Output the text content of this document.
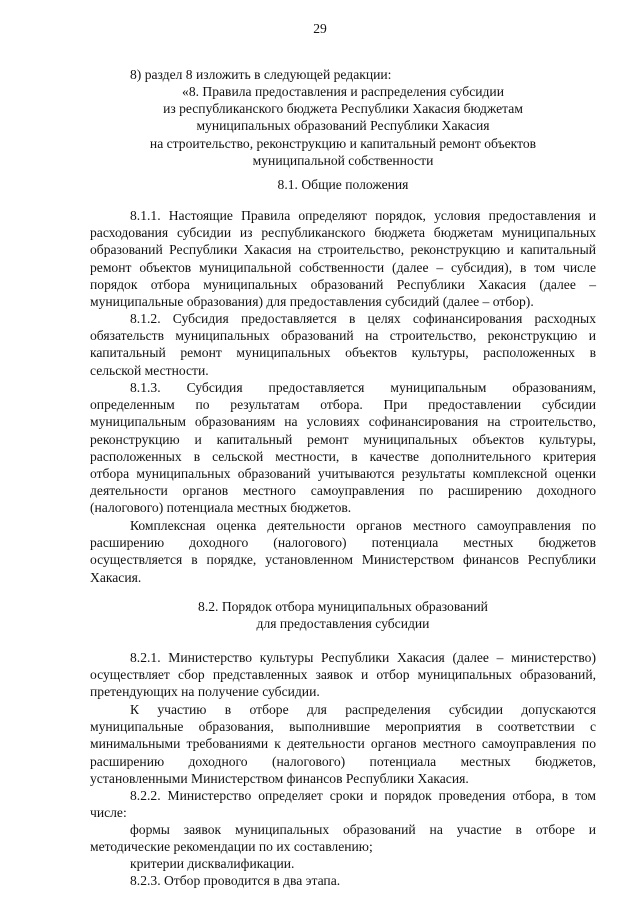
29
8) раздел 8 изложить в следующей редакции:
«8. Правила предоставления и распределения субсидии
из республиканского бюджета Республики Хакасия бюджетам
муниципальных образований Республики Хакасия
на строительство, реконструкцию и капитальный ремонт объектов
муниципальной собственности
8.1. Общие положения
8.1.1. Настоящие Правила определяют порядок, условия предоставления и
расходования субсидии из республиканского бюджета бюджетам муниципальных
образований Республики Хакасия на строительство, реконструкцию и капитальный
ремонт объектов муниципальной собственности (далее – субсидия), в том числе
порядок отбора муниципальных образований Республики Хакасия (далее –
муниципальные образования) для предоставления субсидий (далее – отбор).
8.1.2. Субсидия предоставляется в целях софинансирования расходных
обязательств муниципальных образований на строительство, реконструкцию и
капитальный ремонт муниципальных объектов культуры, расположенных в
сельской местности.
8.1.3. Субсидия предоставляется муниципальным образованиям,
определенным по результатам отбора. При предоставлении субсидии
муниципальным образованиям на условиях софинансирования на строительство,
реконструкцию и капитальный ремонт муниципальных объектов культуры,
расположенных в сельской местности, в качестве дополнительного критерия
отбора муниципальных образований учитываются результаты комплексной оценки
деятельности органов местного самоуправления по расширению доходного
(налогового) потенциала местных бюджетов.
Комплексная оценка деятельности органов местного самоуправления по
расширению доходного (налогового) потенциала местных бюджетов
осуществляется в порядке, установленном Министерством финансов Республики
Хакасия.
8.2. Порядок отбора муниципальных образований
для предоставления субсидии
8.2.1. Министерство культуры Республики Хакасия (далее – министерство)
осуществляет сбор представленных заявок и отбор муниципальных образований,
претендующих на получение субсидии.
К участию в отборе для распределения субсидии допускаются
муниципальные образования, выполнившие мероприятия в соответствии с
минимальными требованиями к деятельности органов местного самоуправления по
расширению доходного (налогового) потенциала местных бюджетов,
установленными Министерством финансов Республики Хакасия.
8.2.2. Министерство определяет сроки и порядок проведения отбора, в том
числе:
формы заявок муниципальных образований на участие в отборе и
методические рекомендации по их составлению;
критерии дисквалификации.
8.2.3. Отбор проводится в два этапа.
